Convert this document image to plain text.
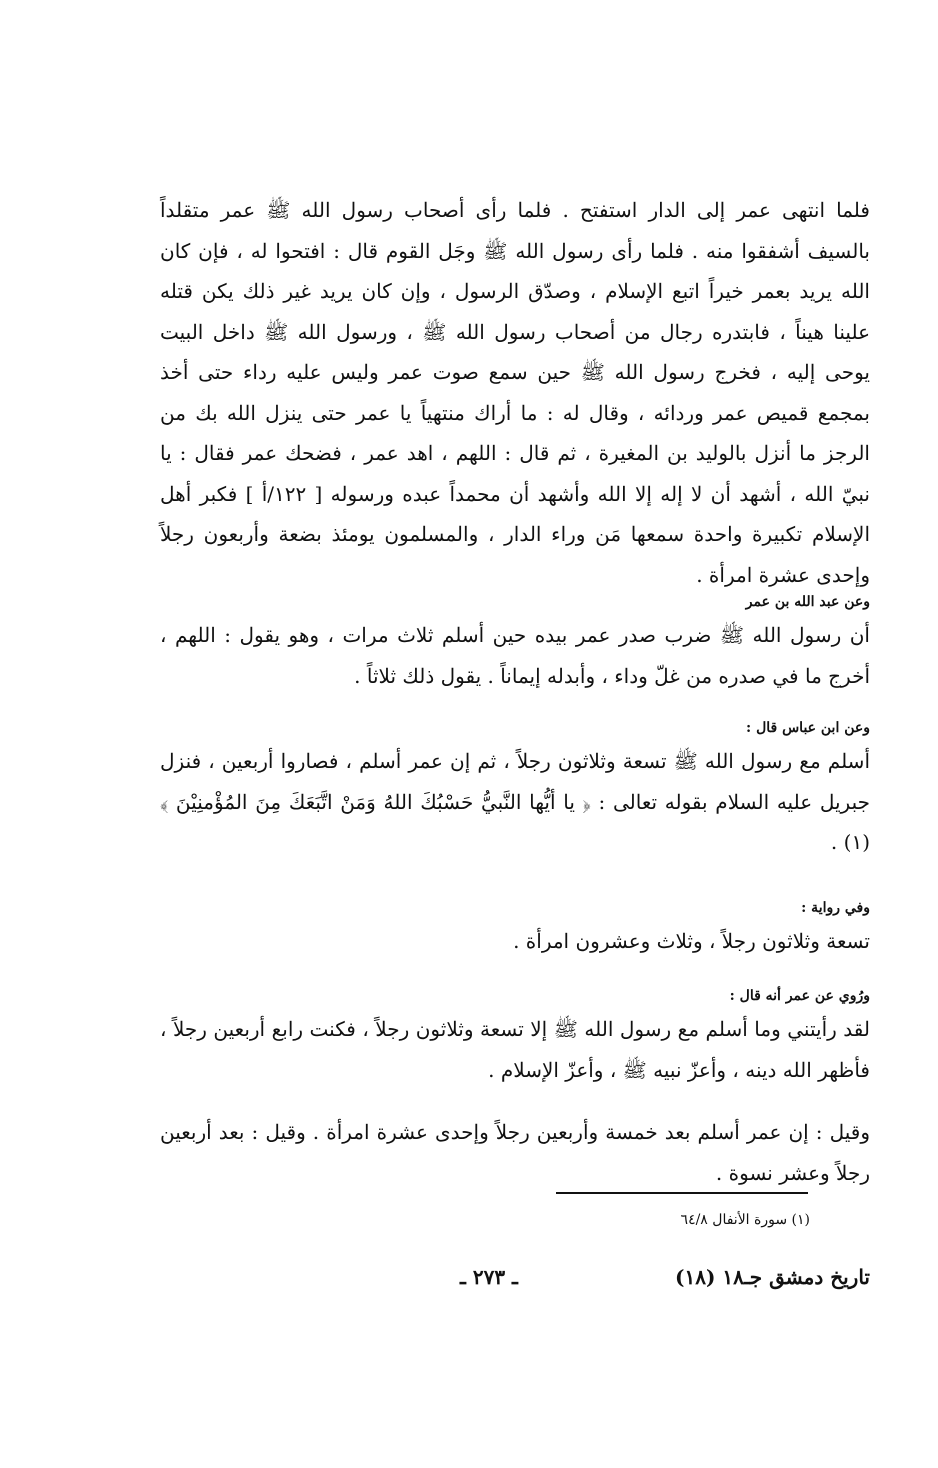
فلما انتهى عمر إلى الدار استفتح . فلما رأى أصحاب رسول الله ﷺ عمر متقلداً بالسيف أشفقوا منه . فلما رأى رسول الله ﷺ وجَل القوم قال : افتحوا له ، فإن كان الله يريد بعمر خيراً اتبع الإسلام ، وصدّق الرسول ، وإن كان يريد غير ذلك يكن قتله علينا هيناً ، فابتدره رجال من أصحاب رسول الله ﷺ ، ورسول الله ﷺ داخل البيت يوحى إليه ، فخرج رسول الله ﷺ حين سمع صوت عمر وليس عليه رداء حتى أخذ بمجمع قميص عمر وردائه ، وقال له : ما أراك منتهياً يا عمر حتى ينزل الله بك من الرجز ما أنزل بالوليد بن المغيرة ، ثم قال : اللهم ، اهد عمر ، فضحك عمر فقال : يا نبيّ الله ، أشهد أن لا إله إلا الله وأشهد أن محمداً عبده ورسوله [ ١٢٢/أ ] فكبر أهل الإسلام تكبيرة واحدة سمعها مَن وراء الدار ، والمسلمون يومئذ بضعة وأربعون رجلاً وإحدى عشرة امرأة .

وعن عبد الله بن عمر

أن رسول الله ﷺ ضرب صدر عمر بيده حين أسلم ثلاث مرات ، وهو يقول : اللهم ، أخرج ما في صدره من غلّ وداء ، وأبدله إيماناً . يقول ذلك ثلاثاً .

وعن ابن عباس قال :

أسلم مع رسول الله ﷺ تسعة وثلاثون رجلاً ، ثم إن عمر أسلم ، فصاروا أربعين ، فنزل جبريل عليه السلام بقوله تعالى : ﴿ يا أيُّها النَّبيُّ حَسْبُكَ اللهُ وَمَنْ اتَّبَعَكَ مِنَ المُؤْمنِيْنَ ﴾(١) .

وفي رواية :

تسعة وثلاثون رجلاً ، وثلاث وعشرون امرأة .

ورُوي عن عمر أنه قال :

لقد رأيتني وما أسلم مع رسول الله ﷺ إلا تسعة وثلاثون رجلاً ، فكنت رابع أربعين رجلاً ، فأظهر الله دينه ، وأعزّ نبيه ﷺ ، وأعزّ الإسلام .

وقيل : إن عمر أسلم بعد خمسة وأربعين رجلاً وإحدى عشرة امرأة . وقيل : بعد أربعين رجلاً وعشر نسوة .

(١) سورة الأنفال ٦٤/٨
تاريخ دمشق جـ١٨ (١٨)
ـ ٢٧٣ ـ
